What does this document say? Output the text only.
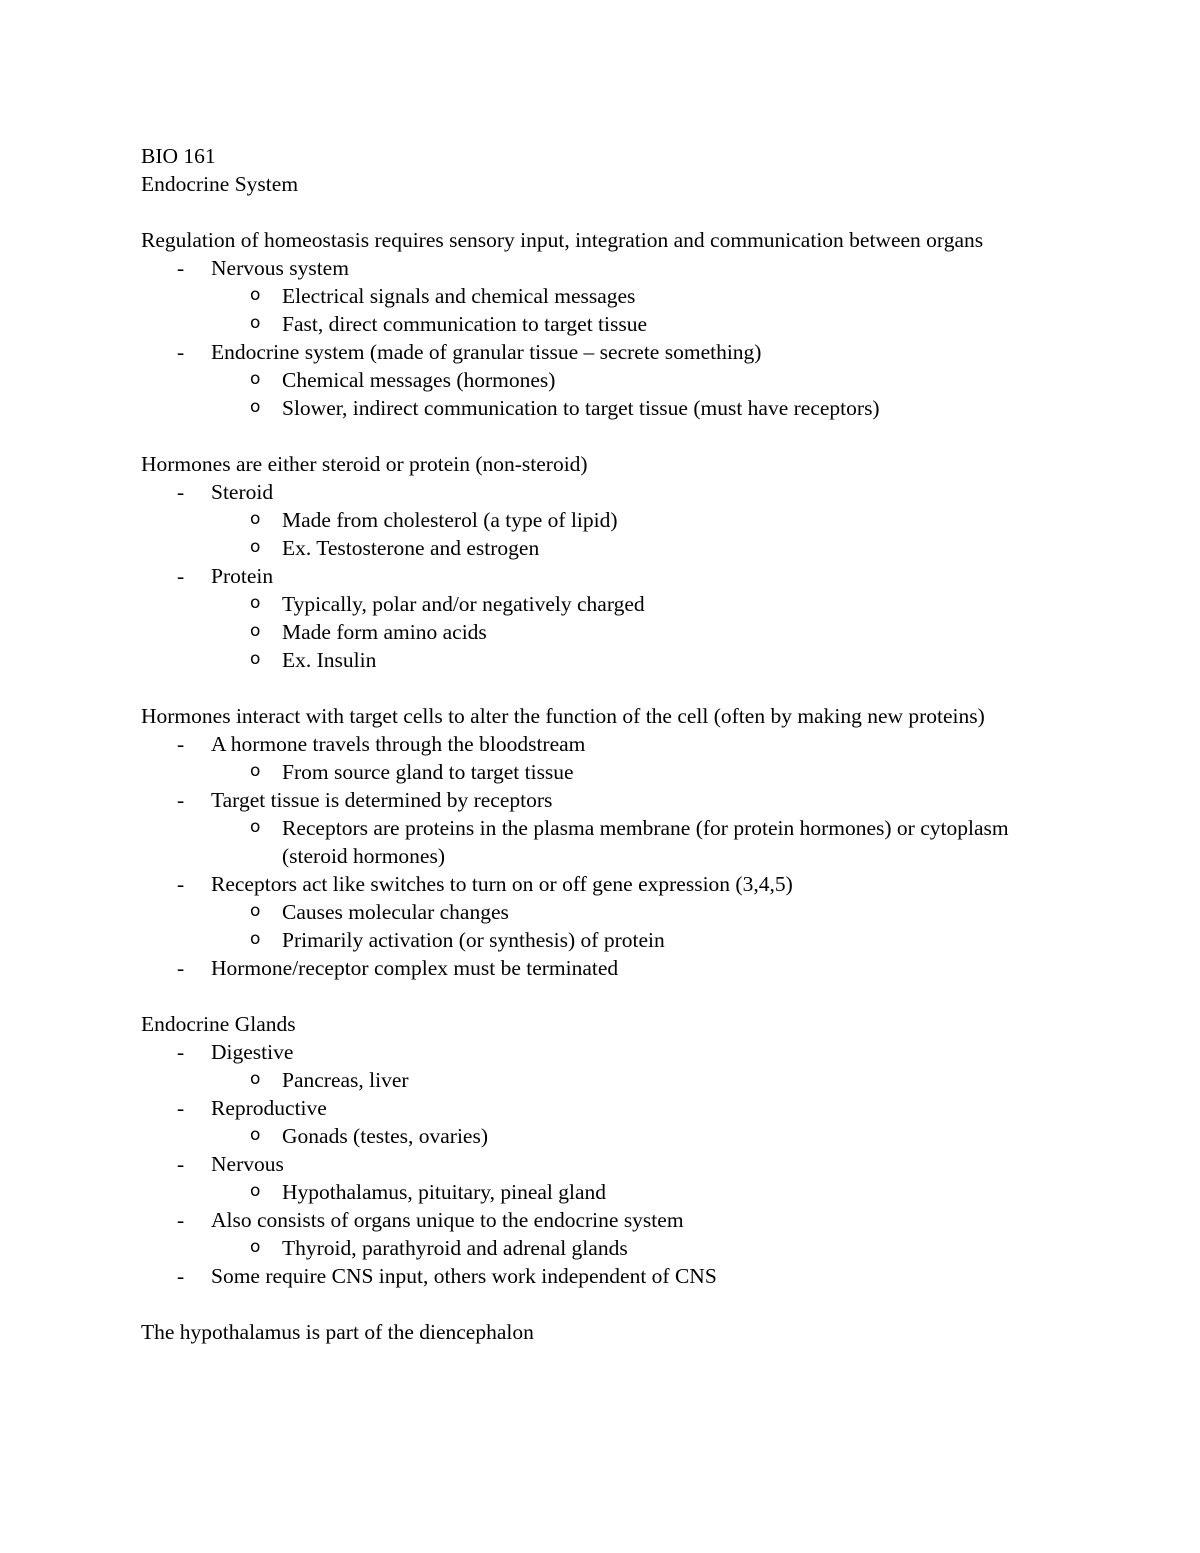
BIO 161

Endocrine System

Regulation of homeostasis requires sensory input, integration and communication between organs

- Nervous system
o Electrical signals and chemical messages
o Fast, direct communication to target tissue
- Endocrine system (made of granular tissue – secrete something)
o Chemical messages (hormones)
o Slower, indirect communication to target tissue (must have receptors)

Hormones are either steroid or protein (non-steroid)

- Steroid
o Made from cholesterol (a type of lipid)
o Ex. Testosterone and estrogen
- Protein
o Typically, polar and/or negatively charged
o Made form amino acids
o Ex. Insulin

Hormones interact with target cells to alter the function of the cell (often by making new proteins)

- A hormone travels through the bloodstream
o From source gland to target tissue
- Target tissue is determined by receptors
o Receptors are proteins in the plasma membrane (for protein hormones) or cytoplasm (steroid hormones)
- Receptors act like switches to turn on or off gene expression (3,4,5)
o Causes molecular changes
o Primarily activation (or synthesis) of protein
- Hormone/receptor complex must be terminated

Endocrine Glands

- Digestive
o Pancreas, liver
- Reproductive
o Gonads (testes, ovaries)
- Nervous
o Hypothalamus, pituitary, pineal gland
- Also consists of organs unique to the endocrine system
o Thyroid, parathyroid and adrenal glands
- Some require CNS input, others work independent of CNS

The hypothalamus is part of the diencephalon
